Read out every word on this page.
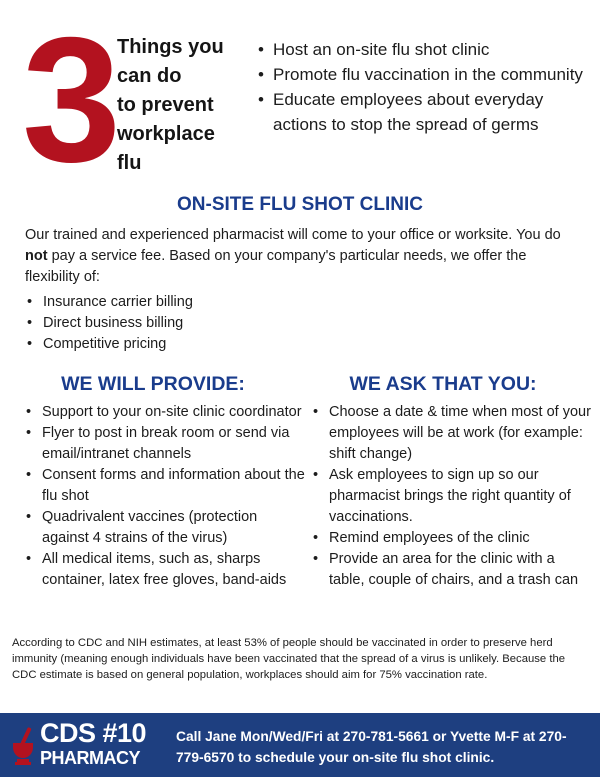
3 Things you
can do
to prevent
workplace
flu
• Host an on-site flu shot clinic
• Promote flu vaccination in the community
• Educate employees about everyday actions to stop the spread of germs
ON-SITE FLU SHOT CLINIC
Our trained and experienced pharmacist will come to your office or worksite. You do not pay a service fee. Based on your company's particular needs, we offer the flexibility of:
• Insurance carrier billing
• Direct business billing
• Competitive pricing
WE WILL PROVIDE:	WE ASK THAT YOU:
• Support to your on-site clinic coordinator
• Flyer to post in break room or send via email/intranet channels
• Consent forms and information about the flu shot
• Quadrivalent vaccines (protection against 4 strains of the virus)
• All medical items, such as, sharps container, latex free gloves, band-aids
• Choose a date & time when most of your employees will be at work (for example: shift change)
• Ask employees to sign up so our pharmacist brings the right quantity of vaccinations.
• Remind employees of the clinic
• Provide an area for the clinic with a table, couple of chairs, and a trash can
According to CDC and NIH estimates, at least 53% of people should be vaccinated in order to preserve herd immunity (meaning enough individuals have been vaccinated that the spread of a virus is unlikely. Because the CDC estimate is based on general population, workplaces should aim for 75% vaccination rate.
CDS #10
PHARMACY
Call Jane Mon/Wed/Fri at 270-781-5661 or Yvette M-F at 270-779-6570 to schedule your on-site flu shot clinic.
